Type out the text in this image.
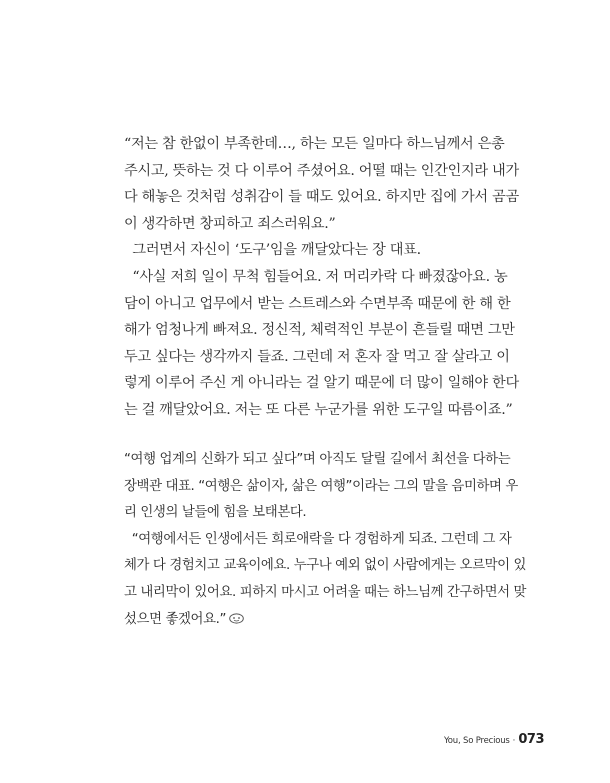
“저는 참 한없이 부족한데…, 하는 모든 일마다 하느님께서 은총
주시고, 뜻하는 것 다 이루어 주셨어요. 어떨 때는 인간인지라 내가
다 해놓은 것처럼 성취감이 들 때도 있어요. 하지만 집에 가서 곰곰
이 생각하면 창피하고 죄스러워요.”
그러면서 자신이 ‘도구’임을 깨달았다는 장 대표.
“사실 저희 일이 무척 힘들어요. 저 머리카락 다 빠졌잖아요. 농
담이 아니고 업무에서 받는 스트레스와 수면부족 때문에 한 해 한
해가 엄청나게 빠져요. 정신적, 체력적인 부분이 흔들릴 때면 그만
두고 싶다는 생각까지 들죠. 그런데 저 혼자 잘 먹고 잘 살라고 이
렇게 이루어 주신 게 아니라는 걸 알기 때문에 더 많이 일해야 한다
는 걸 깨달았어요. 저는 또 다른 누군가를 위한 도구일 따름이죠.”
“여행 업계의 신화가 되고 싶다”며 아직도 달릴 길에서 최선을 다하는
장백관 대표. “여행은 삶이자, 삶은 여행”이라는 그의 말을 음미하며 우
리 인생의 날들에 힘을 보태본다.
“여행에서든 인생에서든 희로애락을 다 경험하게 되죠. 그런데 그 자
체가 다 경험치고 교육이에요. 누구나 예외 없이 사람에게는 오르막이 있
고 내리막이 있어요. 피하지 마시고 어려울 때는 하느님께 간구하면서 맞
섰으면 좋겠어요.”
You, So Precious · 073
